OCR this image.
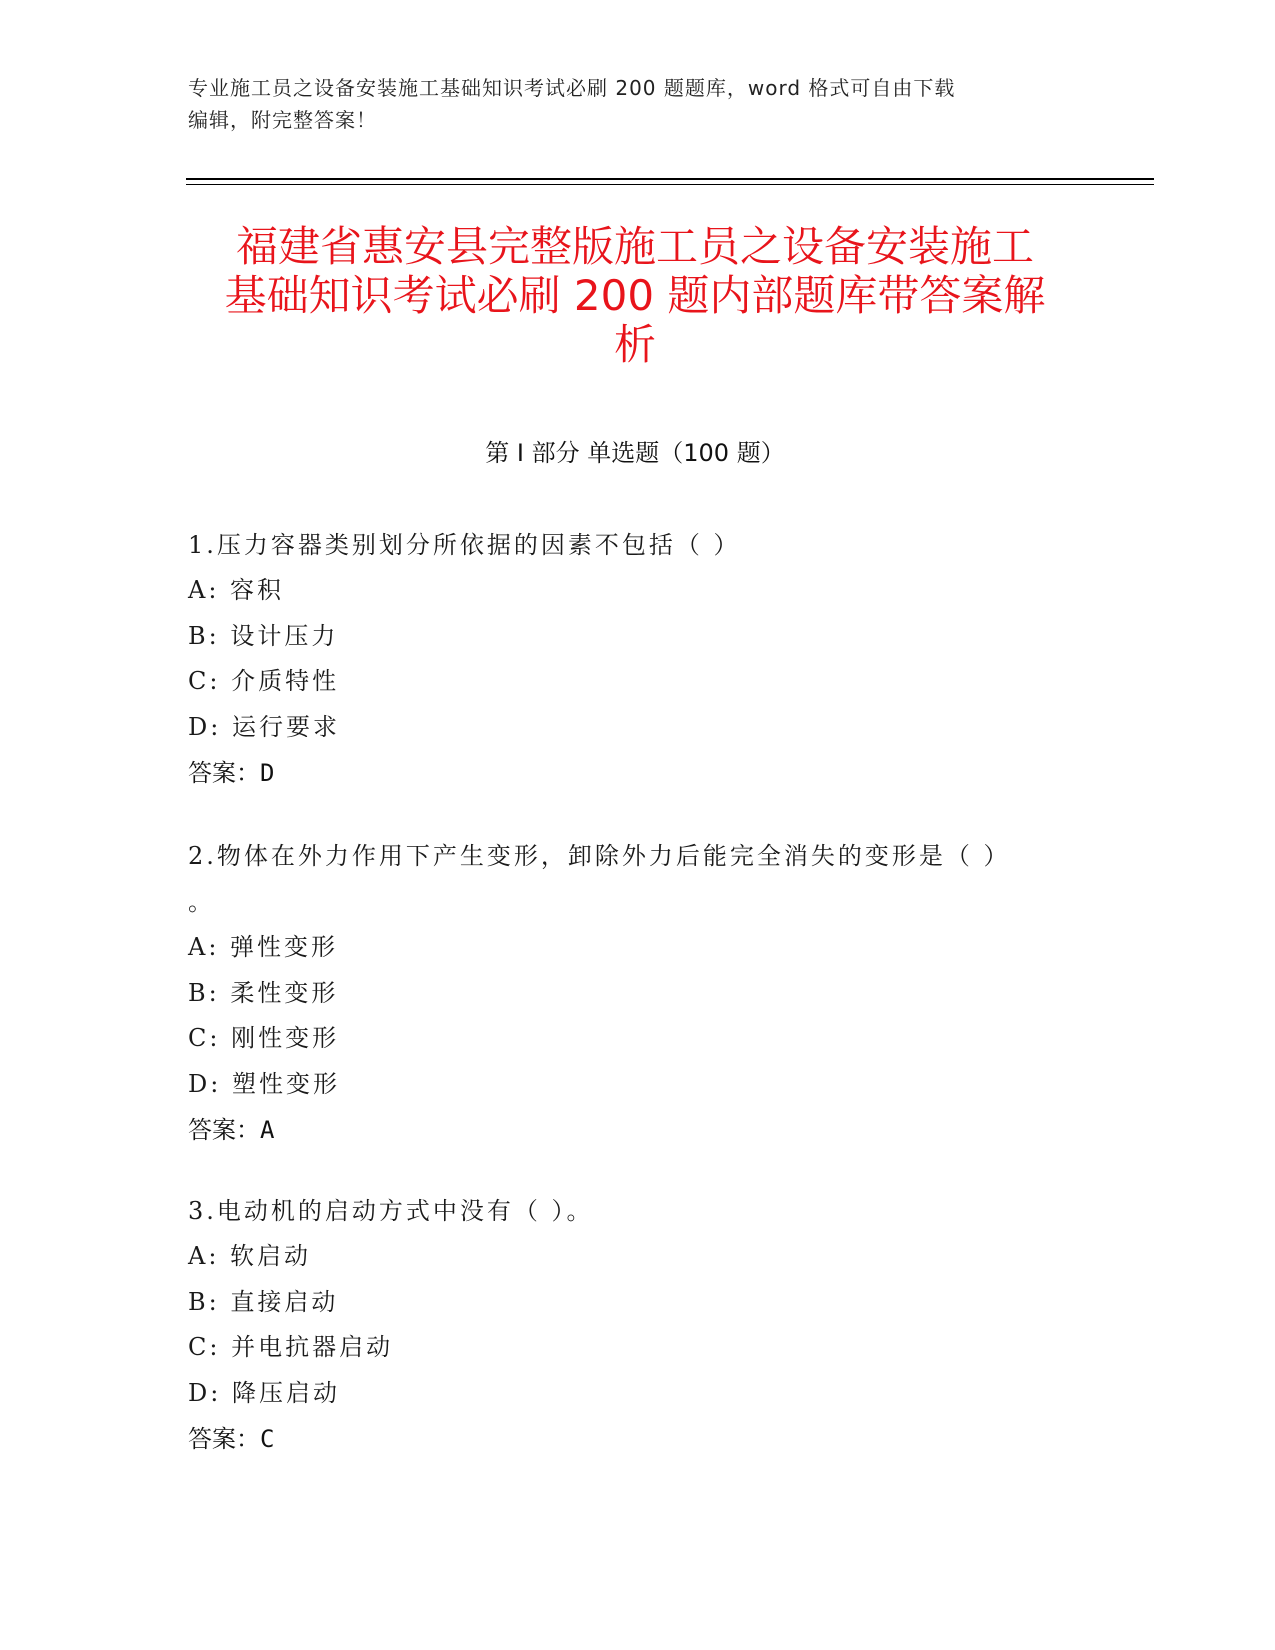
专业施工员之设备安装施工基础知识考试必刷 200 题题库，word 格式可自由下载
编辑，附完整答案！
福建省惠安县完整版施工员之设备安装施工
基础知识考试必刷 200 题内部题库带答案解
析
第 I 部分 单选题（100 题）

1.压力容器类别划分所依据的因素不包括（ ）

A: 容积

B: 设计压力

C: 介质特性

D: 运行要求

答案：D

2.物体在外力作用下产生变形，卸除外力后能完全消失的变形是（ ）

。

A: 弹性变形

B: 柔性变形

C: 刚性变形

D: 塑性变形

答案：A

3.电动机的启动方式中没有（ ）。

A: 软启动

B: 直接启动

C: 并电抗器启动

D: 降压启动

答案：C
